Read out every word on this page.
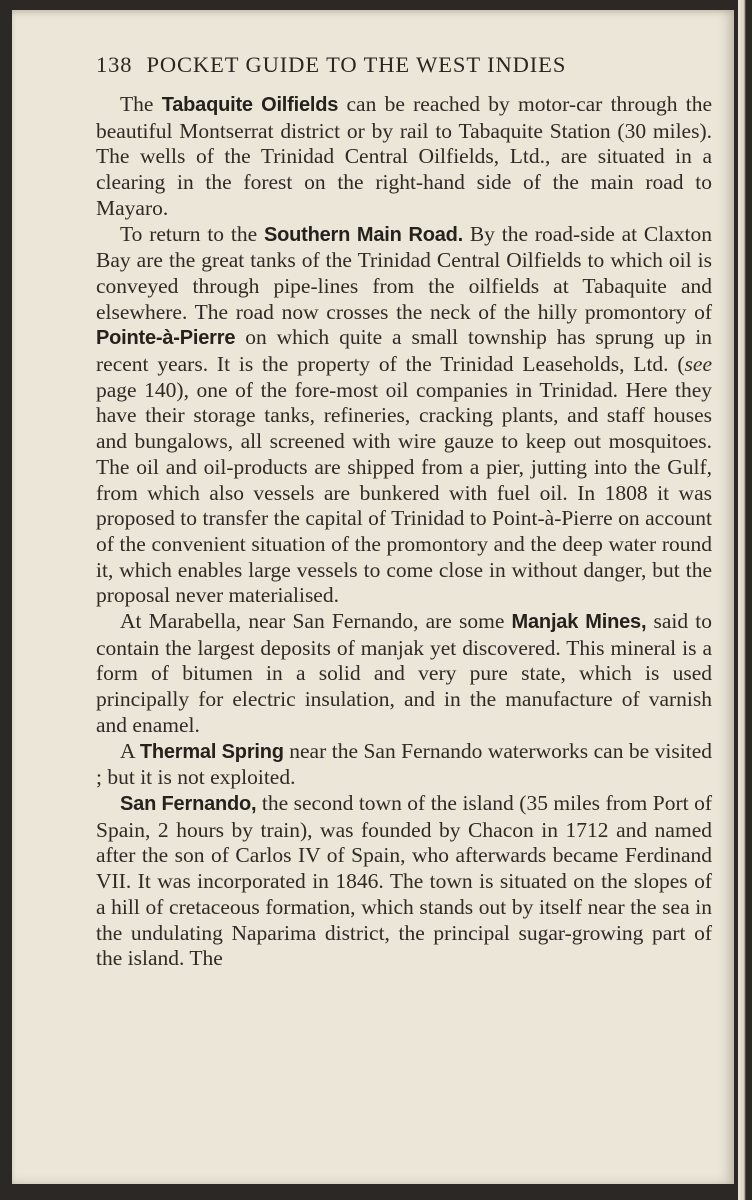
138 POCKET GUIDE TO THE WEST INDIES

The Tabaquite Oilfields can be reached by motor-car through the beautiful Montserrat district or by rail to Tabaquite Station (30 miles). The wells of the Trinidad Central Oilfields, Ltd., are situated in a clearing in the forest on the right-hand side of the main road to Mayaro.

To return to the Southern Main Road. By the road-side at Claxton Bay are the great tanks of the Trinidad Central Oilfields to which oil is conveyed through pipe-lines from the oilfields at Tabaquite and elsewhere. The road now crosses the neck of the hilly promontory of Pointe-à-Pierre on which quite a small township has sprung up in recent years. It is the property of the Trinidad Leaseholds, Ltd. (see page 140), one of the fore-most oil companies in Trinidad. Here they have their storage tanks, refineries, cracking plants, and staff houses and bungalows, all screened with wire gauze to keep out mosquitoes. The oil and oil-products are shipped from a pier, jutting into the Gulf, from which also vessels are bunkered with fuel oil. In 1808 it was proposed to transfer the capital of Trinidad to Point-à-Pierre on account of the convenient situation of the promontory and the deep water round it, which enables large vessels to come close in without danger, but the proposal never materialised.

At Marabella, near San Fernando, are some Manjak Mines, said to contain the largest deposits of manjak yet discovered. This mineral is a form of bitumen in a solid and very pure state, which is used principally for electric insulation, and in the manufacture of varnish and enamel.

A Thermal Spring near the San Fernando waterworks can be visited ; but it is not exploited.

San Fernando, the second town of the island (35 miles from Port of Spain, 2 hours by train), was founded by Chacon in 1712 and named after the son of Carlos IV of Spain, who afterwards became Ferdinand VII. It was incorporated in 1846. The town is situated on the slopes of a hill of cretaceous formation, which stands out by itself near the sea in the undulating Naparima district, the principal sugar-growing part of the island. The
